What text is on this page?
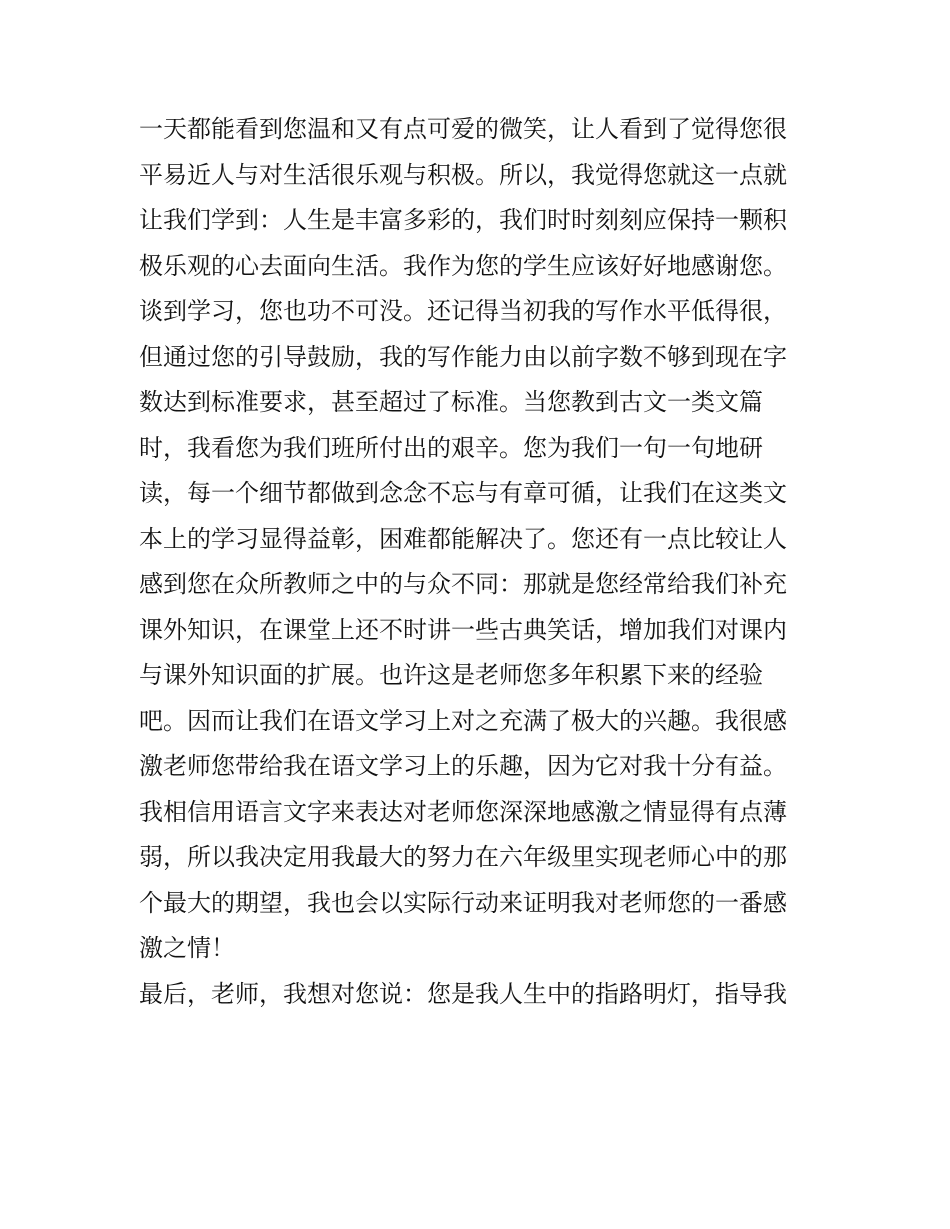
一天都能看到您温和又有点可爱的微笑，让人看到了觉得您很
平易近人与对生活很乐观与积极。所以，我觉得您就这一点就
让我们学到：人生是丰富多彩的，我们时时刻刻应保持一颗积
极乐观的心去面向生活。我作为您的学生应该好好地感谢您。
谈到学习，您也功不可没。还记得当初我的写作水平低得很，
但通过您的引导鼓励，我的写作能力由以前字数不够到现在字
数达到标准要求，甚至超过了标准。当您教到古文一类文篇
时，我看您为我们班所付出的艰辛。您为我们一句一句地研
读，每一个细节都做到念念不忘与有章可循，让我们在这类文
本上的学习显得益彰，困难都能解决了。您还有一点比较让人
感到您在众所教师之中的与众不同：那就是您经常给我们补充
课外知识，在课堂上还不时讲一些古典笑话，增加我们对课内
与课外知识面的扩展。也许这是老师您多年积累下来的经验
吧。因而让我们在语文学习上对之充满了极大的兴趣。我很感
激老师您带给我在语文学习上的乐趣，因为它对我十分有益。
我相信用语言文字来表达对老师您深深地感激之情显得有点薄
弱，所以我决定用我最大的努力在六年级里实现老师心中的那
个最大的期望，我也会以实际行动来证明我对老师您的一番感
激之情！
最后，老师，我想对您说：您是我人生中的指路明灯，指导我
